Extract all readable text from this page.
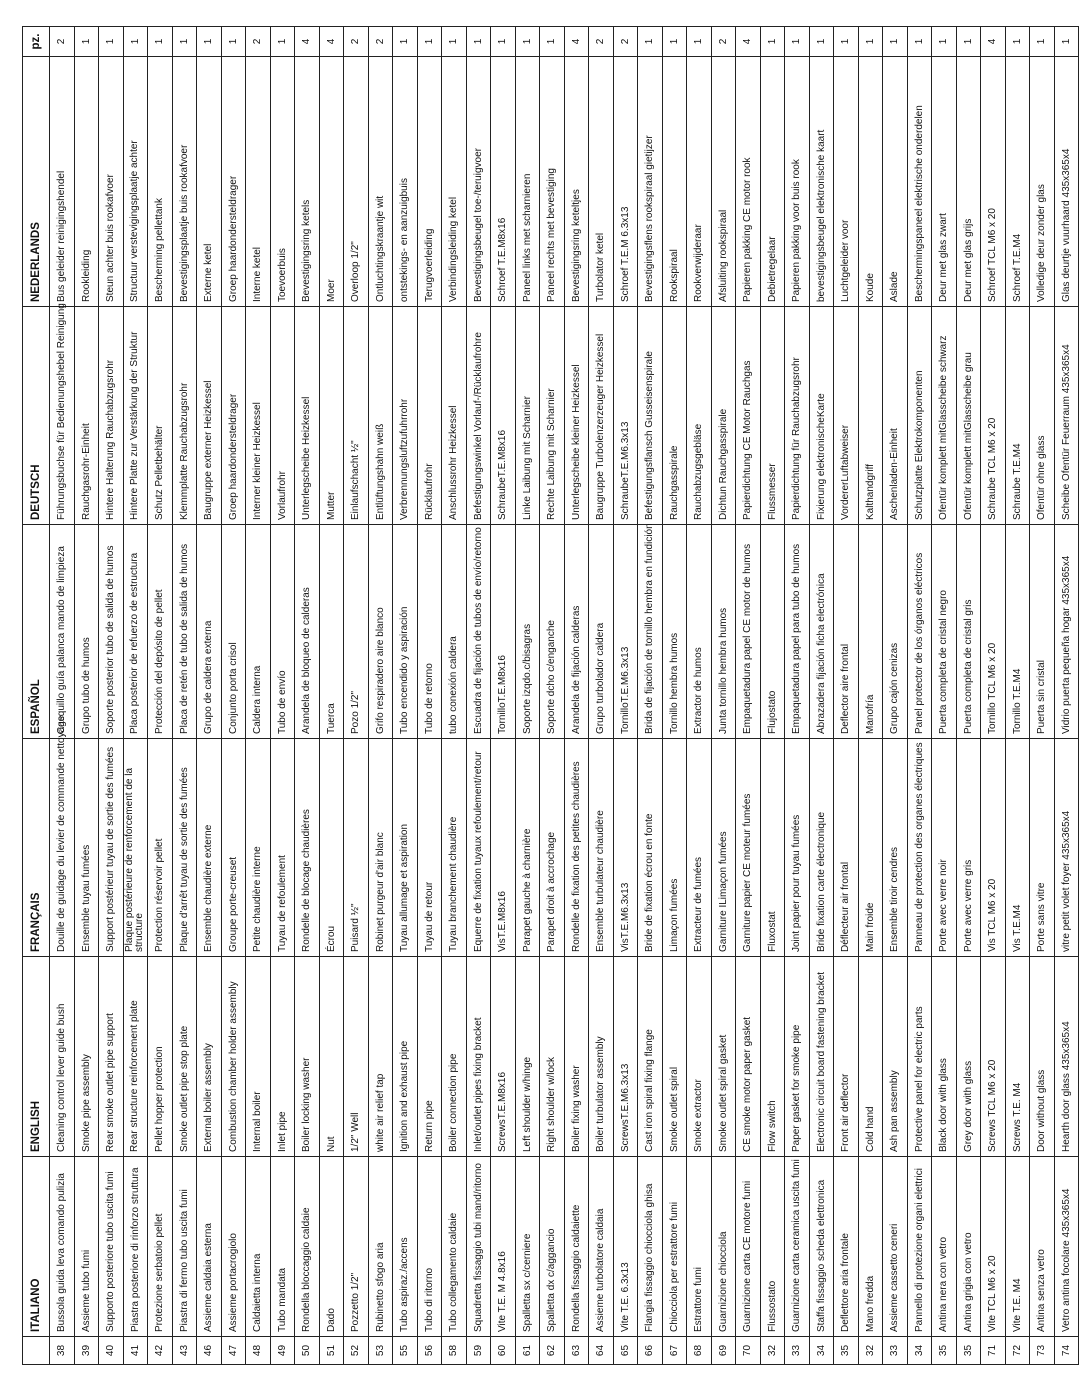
	ITALIANO	ENGLISH	FRANÇAIS	ESPAÑOL	DEUTSCH	NEDERLANDS	pz.
38	Bussola guida leva comando pulizia	Cleaning control lever guide bush	Douille de guidage du levier de commande nettoyage	Casquillo guía palanca mando de limpieza	Führungsbuchse für Bedienungshebel Reinigung	Bus geleider reinigingshendel	2
39	Assieme tubo fumi	Smoke pipe assembly	Ensemble tuyau fumées	Grupo tubo de humos	Rauchgasrohr-Einheit	Rookleiding	1
40	Supporto posteriore tubo uscita fumi	Rear smoke outlet pipe support	Support postérieur tuyau de sortie des fumées	Soporte posterior tubo de salida de humos	Hintere Halterung Rauchabzugsrohr	Steun achter buis rookafvoer	1
41	Piastra posteriore di rinforzo struttura	Rear structure reinforcement plate	Plaque postérieure de renforcement de la structure	Placa posterior de refuerzo de estructura	Hintere Platte zur Verstärkung der Struktur	Structuur verstevigingsplaatje achter	1
42	Protezione serbatoio pellet	Pellet hopper protection	Protection réservoir pellet	Protección del depósito de pellet	Schutz Pelletbehälter	Bescherming pellettank	1
43	Piastra di fermo tubo uscita fumi	Smoke outlet pipe stop plate	Plaque d'arrêt tuyau de sortie des fumées	Placa de retén de tubo de salida de humos	Klemmplatte Rauchabzugsrohr	Bevestigingsplaatje buis rookafvoer	1
46	Assieme caldaia esterna	External boiler assembly	Ensemble chaudière externe	Grupo de caldera externa	Baugruppe externer Heizkessel	Externe ketel	1
47	Assieme portacrogiolo	Combustion chamber holder assembly	Groupe porte-creuset	Conjunto porta crisol	Groep haardondersteldrager	Groep haardondersteldrager	1
48	Caldaietta interna	Internal boiler	Petite chaudière interne	Caldera interna	Interner kleiner Heizkessel	Interne ketel	2
49	Tubo mandata	Inlet pipe	Tuyau de refoulement	Tubo de envío	Vorlaufrohr	Toevoerbuis	1
50	Rondella bloccaggio caldaie	Boiler locking washer	Rondelle de blocage chaudières	Arandela de bloqueo de calderas	Unterlegscheibe Heizkessel	Bevestigingsring ketels	4
51	Dado	Nut	Écrou	Tuerca	Mutter	Moer	4
52	Pozzetto 1/2"	1/2" Well	Puisard ½"	Pozo 1/2"	Einlaufschacht ½"	Overloop 1/2"	2
53	Rubinetto sfogo aria	white air relief tap	Robinet purgeur d'air blanc	Grifo respiradero aire blanco	Entlüftungshahn weiß	Ontluchtingskraantje wit	2
55	Tubo aspiraz./accens	Ignition and exhaust pipe	Tuyau allumage et aspiration	Tubo encendido y aspiración	Verbrennungsluftzufuhrrohr	ontstekings- en aanzuigbuis	1
56	Tubo di ritorno	Return pipe	Tuyau de retour	Tubo de retorno	Rücklaufrohr	Terugvoerleiding	1
58	Tubo collegamento caldaie	Boiler connection pipe	Tuyau branchement chaudière	tubo conexión caldera	Anschlussrohr Heizkessel	Verbindingsleiding ketel	1
59	Squadretta fissaggio tubi mand/ritorno	Inlet/outlet pipes fixing bracket	Equerre de fixation tuyaux refoulement/retour	Escuadra de fijación de tubos de envío/retorno	Befestigungswinkel Vorlauf-/Rücklaufrohre	Bevestigingsbeugel toe-/teruigvoer	1
60	Vite T.E. M 4.8x16	ScrewsT.E.M8x16	VisT.E.M8x16	TornilloT.E.M8x16	SchraubeT.E.M8x16	Schroef T.E.M8x16	1
61	Spalletta sx c/cerniere	Left shoulder w/hinge	Parapet gauche à charnière	Soporte izqdo.c/bisagras	Linke Laibung mit Scharnier	Paneel links met scharnieren	1
62	Spalletta dx c/aggancio	Right shoulder w/lock	Parapet droit à accrochage	Soporte dcho c/enganche	Rechte Laibung mit Scharnier	Paneel rechts met bevestiging	1
63	Rondella fissaggio caldaiette	Boiler fixing washer	Rondelle de fixation des petites chaudières	Arandela de fijación calderas	Unterlegscheibe kleiner Heizkessel	Bevestigingsring keteltjes	4
64	Assieme turbolatore caldaia	Boiler turbulator assembly	Ensemble turbulateur chaudière	Grupo turbolador caldera	Baugruppe Turbolenzerzeuger Heizkessel	Turbolator ketel	2
65	Vite T.E. 6.3x13	ScrewsT.E.M6.3x13	VisT.E.M6.3x13	TornilloT.E.M6.3x13	SchraubeT.E.M6.3x13	Schroef T.E.M 6.3x13	2
66	Flangia fissaggio chiocciola ghisa	Cast iron spiral fixing flange	Bride de fixation écrou en fonte	Brida de fijación de tornillo hembra en fundición	Befestigungsflansch Gusseisenspirale	Bevestigingsflens rookspiraal gietijzer	1
67	Chiocciola per estrattore fumi	Smoke outlet spiral	Limaçon fumées	Tornillo hembra humos	Rauchgasspirale	Rookspiraal	1
68	Estrattore fumi	Smoke extractor	Extracteur de fumées	Extractor de humos	Rauchabzugsgebläse	Rookverwijderaar	1
69	Guarnizione chiocciola	Smoke outlet spiral gasket	Garniture ILimaçon fumées	Junta tornillo hembra humos	Dichtun Rauchgasspirale	Afsluiting rookspiraal	2
70	Guarnizione carta CE motore fumi	CE smoke motor paper gasket	Garniture papier CE moteur fumées	Empaquetadura papel CE motor de humos	Papierdichtung CE Motor Rauchgas	Papieren pakking CE motor rook	4
32	Flussostato	Flow switch	Fluxostat	Flujostato	Flussmesser	Debietregelaar	1
33	Guarnizione carta ceramica uscita fumi	Paper gasket for smoke pipe	Joint papier pour tuyau fumées	Empaquetadura papel para tubo de humos	Papierdichtung für Rauchabzugsrohr	Papieren pakking voor buis rook	1
34	Staffa fissaggio scheda elettronica	Electronic circuit board fastening bracket	Bride fixation carte électronique	Abrazadera fijación ficha electrónica	Fixierung elektronischeKarte	bevestigingsbeugel elektronische kaart	1
35	Deflettore aria frontale	Front air deflector	Déflecteur air frontal	Deflector aire frontal	VordererLuftabweiser	Luchtgeleider voor	1
32	Mano fredda	Cold hand	Main froide	Manofría	Kalthandgriff	Koude	1
33	Assieme cassetto ceneri	Ash pan assembly	Ensemble tiroir cendres	Grupo cajón cenizas	Aschenladen-Einheit	Aslade	1
34	Pannello di protezione organi elettrici	Protective panel for electric parts	Panneau de protection des organes électriques	Panel protector de los órganos eléctricos	Schutzplatte Elektrokomponenten	Beschermingspaneel elektrische onderdelen	1
35	Antina nera con vetro	Black door with glass	Porte avec verre noir	Puerta completa de cristal negro	Ofentür komplett mitGlasscheibe schwarz	Deur met glas zwart	1
35	Antina grigia con vetro	Grey door with glass	Porte avec verre gris	Puerta completa de cristal gris	Ofentür komplett mitGlasscheibe grau	Deur met glas grijs	1
71	Vite TCL M6 x 20	Screws TCL M6 x 20	Vis TCL M6 x 20	Tornillo TCL M6 x 20	Schraube TCL M6 x 20	Schroef TCL M6 x 20	4
72	Vite T.E. M4	Screws T.E. M4	Vis T.E.M4	Tornillo T.E.M4	Schraube T.E.M4	Schroef T.E.M4	1
73	Antina senza vetro	Door without glass	Porte sans vitre	Puerta sin cristal	Ofentür ohne glass	Volledige deur zonder glas	1
74	Vetro antina focolare 435x365x4	Hearth door glass 435x365x4	vitre petit volet foyer 435x365x4	Vidrio puerta pequeña hogar 435x365x4	Scheibe Ofentür Feuerraum 435x365x4	Glas deurtje vuurhaard 435x365x4	1
